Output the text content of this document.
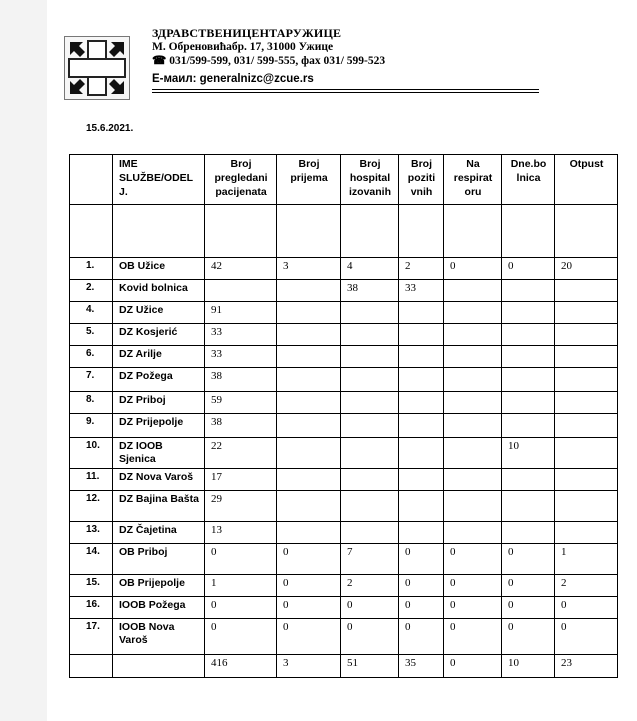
ЗДРАВСТВЕНИЦЕНТАРУЖИЦЕ
М. Обреновићабр. 17, 31000 Ужице
☎ 031/599-599, 031/ 599-555, фах 031/ 599-523
E-маил: generalnizc@zcue.rs
15.6.2021.
	IME SLUŽBE/ODEL J.	Broj pregledani pacijenata	Broj prijema	Broj hospital izovanih	Broj poziti vnih	Na respirat oru	Dne.bo lnica	Otpust

1.	OB Užice	42	3	4	2	0	0	20
2.	Kovid bolnica			38	33			
4.	DZ Užice	91						
5.	DZ Kosjerić	33						
6.	DZ Arilje	33						
7.	DZ Požega	38						
8.	DZ Priboj	59						
9.	DZ Prijepolje	38						
10.	DZ IOOB Sjenica	22					10	
11.	DZ Nova Varoš	17						
12.	DZ Bajina Bašta	29						
13.	DZ Čajetina	13						
14.	OB Priboj	0	0	7	0	0	0	1
15.	OB Prijepolje	1	0	2	0	0	0	2
16.	IOOB Požega	0	0	0	0	0	0	0
17.	IOOB Nova Varoš	0	0	0	0	0	0	0
		416	3	51	35	0	10	23
